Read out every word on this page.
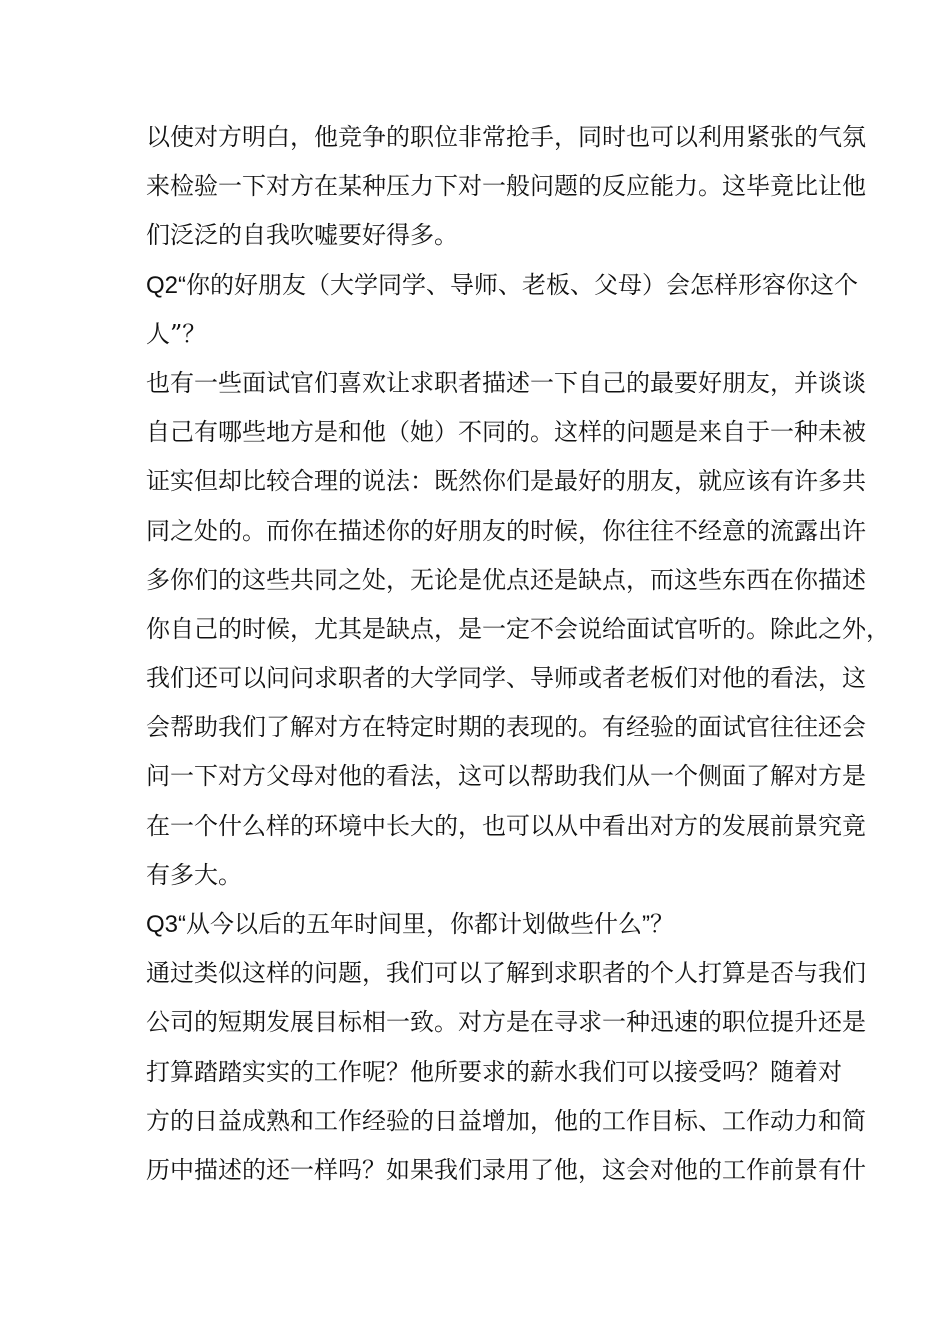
以使对方明白，他竞争的职位非常抢手，同时也可以利用紧张的气氛
来检验一下对方在某种压力下对一般问题的反应能力。这毕竟比让他
们泛泛的自我吹嘘要好得多。
Q2“你的好朋友（大学同学、导师、老板、父母）会怎样形容你这个
人”？
也有一些面试官们喜欢让求职者描述一下自己的最要好朋友，并谈谈
自己有哪些地方是和他（她）不同的。这样的问题是来自于一种未被
证实但却比较合理的说法：既然你们是最好的朋友，就应该有许多共
同之处的。而你在描述你的好朋友的时候，你往往不经意的流露出许
多你们的这些共同之处，无论是优点还是缺点，而这些东西在你描述
你自己的时候，尤其是缺点，是一定不会说给面试官听的。除此之外，
我们还可以问问求职者的大学同学、导师或者老板们对他的看法，这
会帮助我们了解对方在特定时期的表现的。有经验的面试官往往还会
问一下对方父母对他的看法，这可以帮助我们从一个侧面了解对方是
在一个什么样的环境中长大的，也可以从中看出对方的发展前景究竟
有多大。
Q3“从今以后的五年时间里，你都计划做些什么”？
通过类似这样的问题，我们可以了解到求职者的个人打算是否与我们
公司的短期发展目标相一致。对方是在寻求一种迅速的职位提升还是
打算踏踏实实的工作呢？他所要求的薪水我们可以接受吗？随着对
方的日益成熟和工作经验的日益增加，他的工作目标、工作动力和简
历中描述的还一样吗？如果我们录用了他，这会对他的工作前景有什
